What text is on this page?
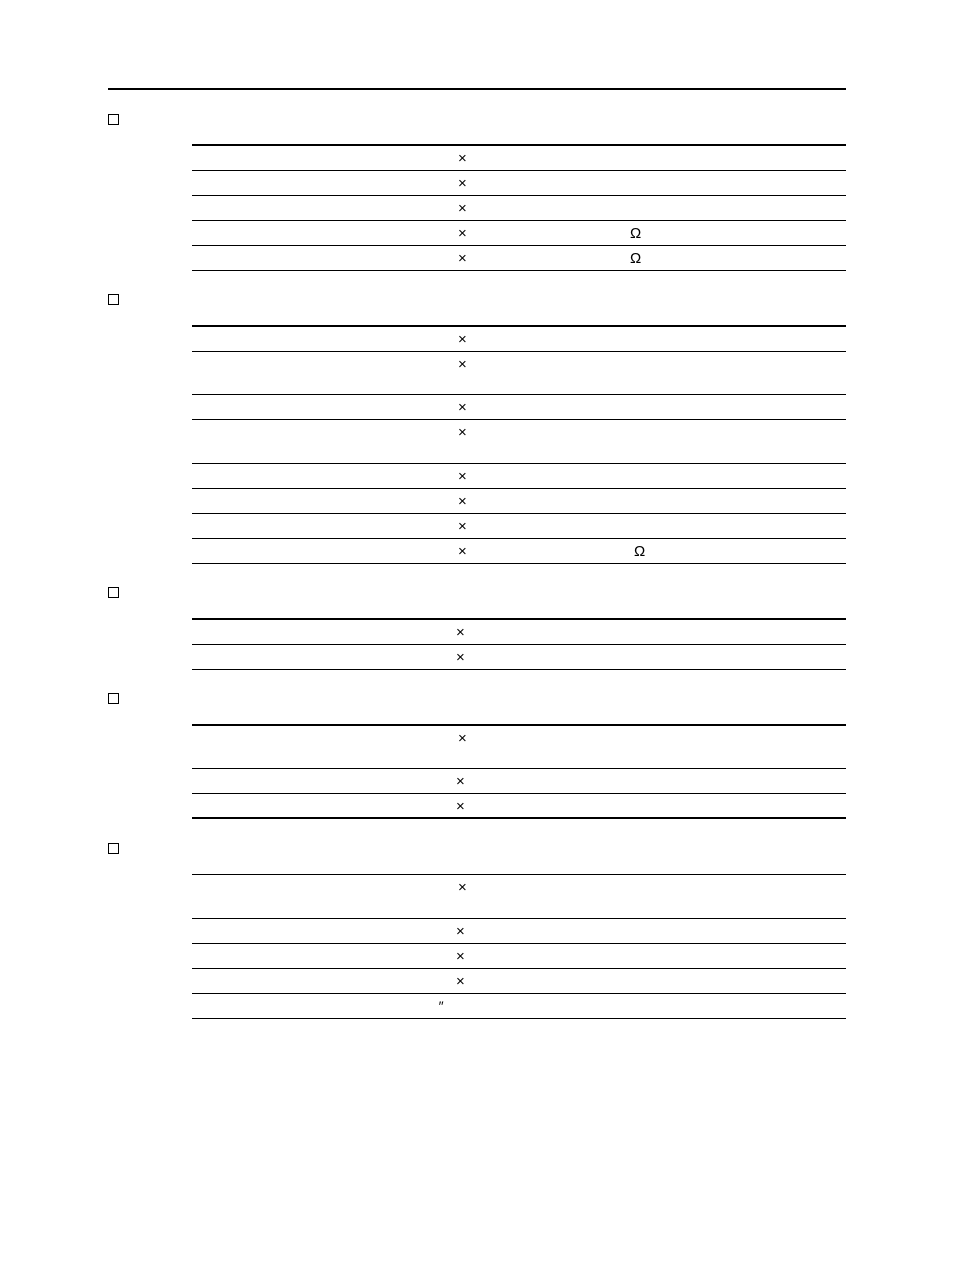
×
×
×
×	Ω
×	Ω
×
×
×
×
×
×
×
×	Ω
×
×
×
×
×
×
×
×
×
″
